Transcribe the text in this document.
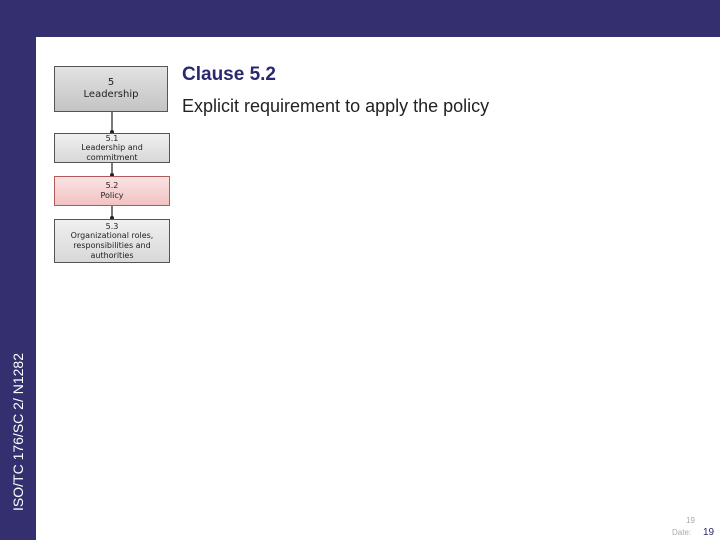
ISO/TC 176/SC 2/ N1282
5
Leadership
5.1
Leadership and
commitment
5.2
Policy
5.3
Organizational roles,
responsibilities and
authorities
Clause 5.2
Explicit requirement to apply the policy
19
Date: 19
